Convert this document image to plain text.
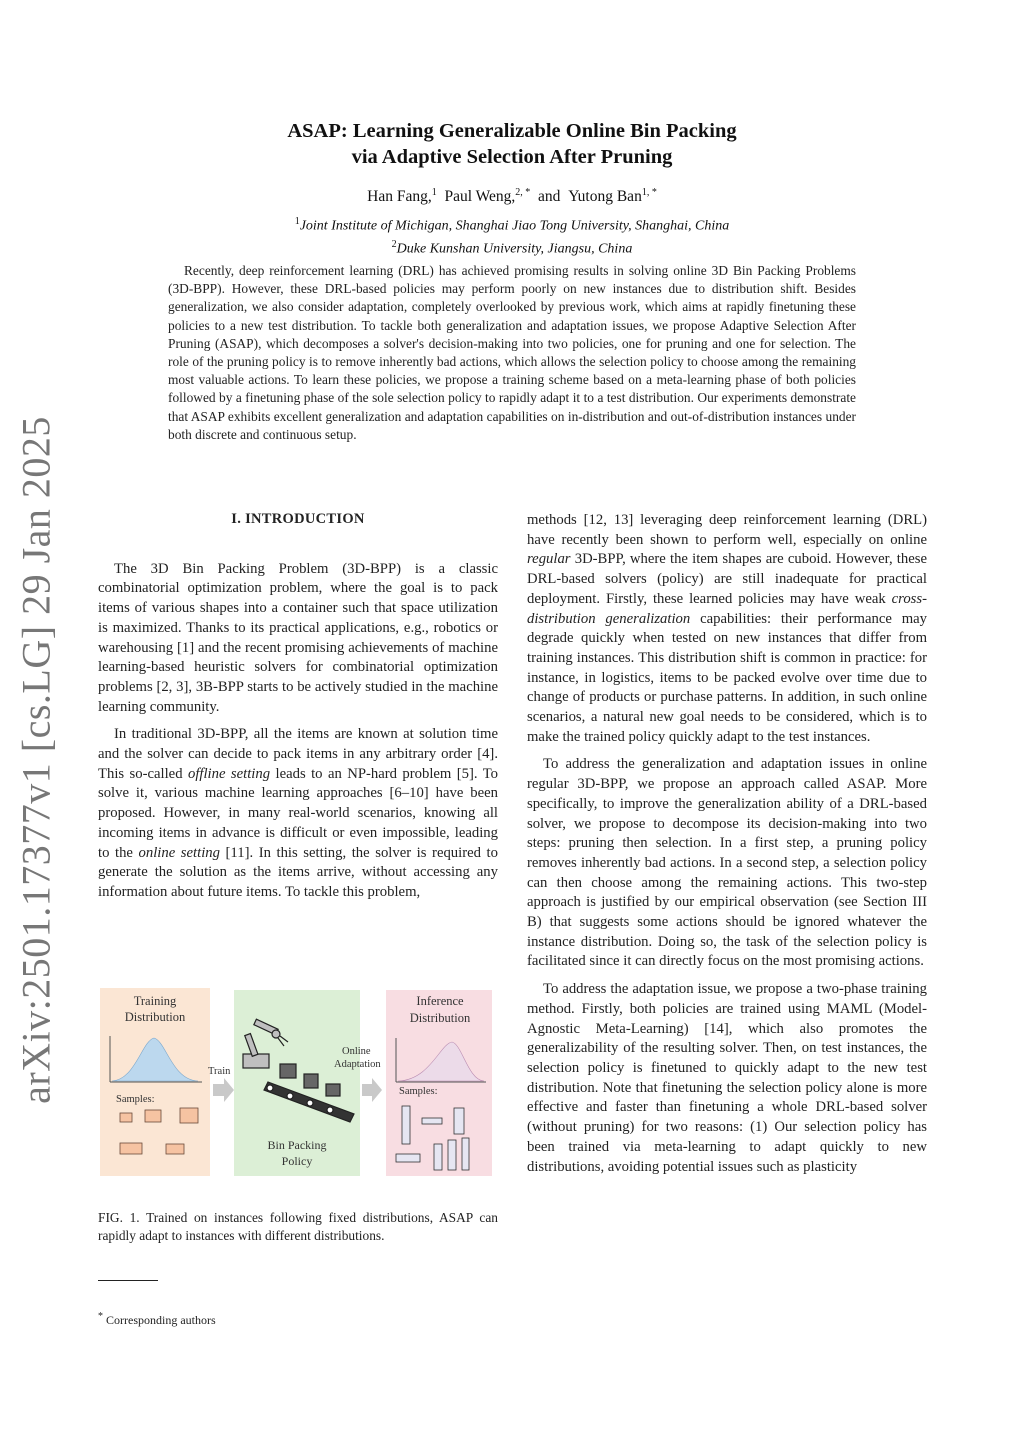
arXiv:2501.17377v1 [cs.LG] 29 Jan 2025
ASAP: Learning Generalizable Online Bin Packing
via Adaptive Selection After Pruning
Han Fang,$^1$ Paul Weng,$^{2, *}$ and Yutong Ban$^{1, *}$
$^1$Joint Institute of Michigan, Shanghai Jiao Tong University, Shanghai, China
$^2$Duke Kunshan University, Jiangsu, China
Recently, deep reinforcement learning (DRL) has achieved promising results in solving online 3D Bin Packing Problems (3D-BPP). However, these DRL-based policies may perform poorly on new instances due to distribution shift. Besides generalization, we also consider adaptation, completely overlooked by previous work, which aims at rapidly finetuning these policies to a new test distribution. To tackle both generalization and adaptation issues, we propose Adaptive Selection After Pruning (ASAP), which decomposes a solver's decision-making into two policies, one for pruning and one for selection. The role of the pruning policy is to remove inherently bad actions, which allows the selection policy to choose among the remaining most valuable actions. To learn these policies, we propose a training scheme based on a meta-learning phase of both policies followed by a finetuning phase of the sole selection policy to rapidly adapt it to a test distribution. Our experiments demonstrate that ASAP exhibits excellent generalization and adaptation capabilities on in-distribution and out-of-distribution instances under both discrete and continuous setup.
I. INTRODUCTION

The 3D Bin Packing Problem (3D-BPP) is a classic combinatorial optimization problem, where the goal is to pack items of various shapes into a container such that space utilization is maximized. Thanks to its practical applications, e.g., robotics or warehousing [1] and the recent promising achievements of machine learning-based heuristic solvers for combinatorial optimization problems [2, 3], 3B-BPP starts to be actively studied in the machine learning community.

In traditional 3D-BPP, all the items are known at solution time and the solver can decide to pack items in any arbitrary order [4]. This so-called offline setting leads to an NP-hard problem [5]. To solve it, various machine learning approaches [6–10] have been proposed. However, in many real-world scenarios, knowing all incoming items in advance is difficult or even impossible, leading to the online setting [11]. In this setting, the solver is required to generate the solution as the items arrive, without accessing any information about future items. To tackle this problem,

Training
Distribution
Samples:
Train
Bin Packing
Policy
Online
Adaptation
Inference
Distribution
Samples:
FIG. 1. Trained on instances following fixed distributions, ASAP can rapidly adapt to instances with different distributions.
* Corresponding authors

methods [12, 13] leveraging deep reinforcement learning (DRL) have recently been shown to perform well, especially on online regular 3D-BPP, where the item shapes are cuboid. However, these DRL-based solvers (policy) are still inadequate for practical deployment. Firstly, these learned policies may have weak cross-distribution generalization capabilities: their performance may degrade quickly when tested on new instances that differ from training instances. This distribution shift is common in practice: for instance, in logistics, items to be packed evolve over time due to change of products or purchase patterns. In addition, in such online scenarios, a natural new goal needs to be considered, which is to make the trained policy quickly adapt to the test instances.

To address the generalization and adaptation issues in online regular 3D-BPP, we propose an approach called ASAP. More specifically, to improve the generalization ability of a DRL-based solver, we propose to decompose its decision-making into two steps: pruning then selection. In a first step, a pruning policy removes inherently bad actions. In a second step, a selection policy can then choose among the remaining actions. This two-step approach is justified by our empirical observation (see Section III B) that suggests some actions should be ignored whatever the instance distribution. Doing so, the task of the selection policy is facilitated since it can directly focus on the most promising actions.

To address the adaptation issue, we propose a two-phase training method. Firstly, both policies are trained using MAML (Model-Agnostic Meta-Learning) [14], which also promotes the generalizability of the resulting solver. Then, on test instances, the selection policy is finetuned to quickly adapt to the new test distribution. Note that finetuning the selection policy alone is more effective and faster than finetuning a whole DRL-based solver (without pruning) for two reasons: (1) Our selection policy has been trained via meta-learning to adapt quickly to new distributions, avoiding potential issues such as plasticity
